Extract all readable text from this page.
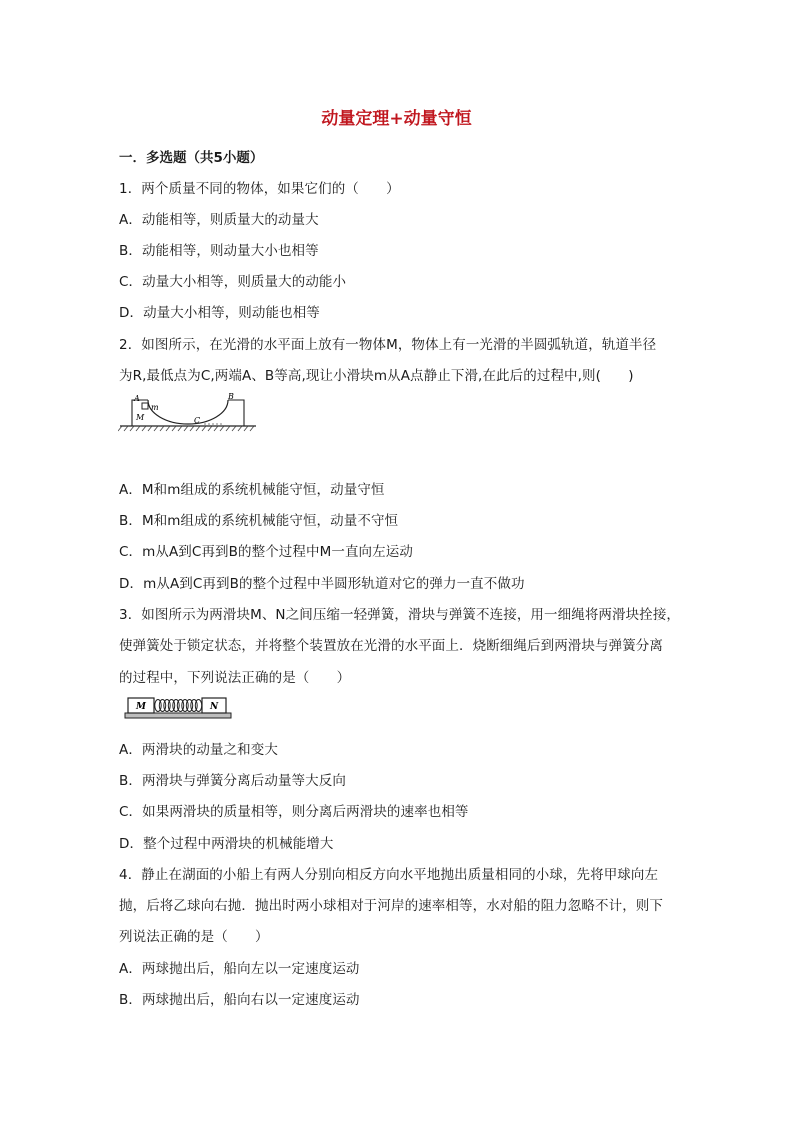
动量定理+动量守恒
一．多选题（共5小题）
1．两个质量不同的物体，如果它们的（　　）
A．动能相等，则质量大的动量大
B．动能相等，则动量大小也相等
C．动量大小相等，则质量大的动能小
D．动量大小相等，则动能也相等
2．如图所示，在光滑的水平面上放有一物体M，物体上有一光滑的半圆弧轨道，轨道半径
为R,最低点为C,两端A、B等高,现让小滑块m从A点静止下滑,在此后的过程中,则(　　)
A	B
m
M	C
A．M和m组成的系统机械能守恒，动量守恒
B．M和m组成的系统机械能守恒，动量不守恒
C．m从A到C再到B的整个过程中M一直向左运动
D．m从A到C再到B的整个过程中半圆形轨道对它的弹力一直不做功
3．如图所示为两滑块M、N之间压缩一轻弹簧，滑块与弹簧不连接，用一细绳将两滑块拴接，
使弹簧处于锁定状态，并将整个装置放在光滑的水平面上．烧断细绳后到两滑块与弹簧分离
的过程中，下列说法正确的是（　　）
M	N
A．两滑块的动量之和变大
B．两滑块与弹簧分离后动量等大反向
C．如果两滑块的质量相等，则分离后两滑块的速率也相等
D．整个过程中两滑块的机械能增大
4．静止在湖面的小船上有两人分别向相反方向水平地抛出质量相同的小球，先将甲球向左
抛，后将乙球向右抛．抛出时两小球相对于河岸的速率相等，水对船的阻力忽略不计，则下
列说法正确的是（　　）
A．两球抛出后，船向左以一定速度运动
B．两球抛出后，船向右以一定速度运动
